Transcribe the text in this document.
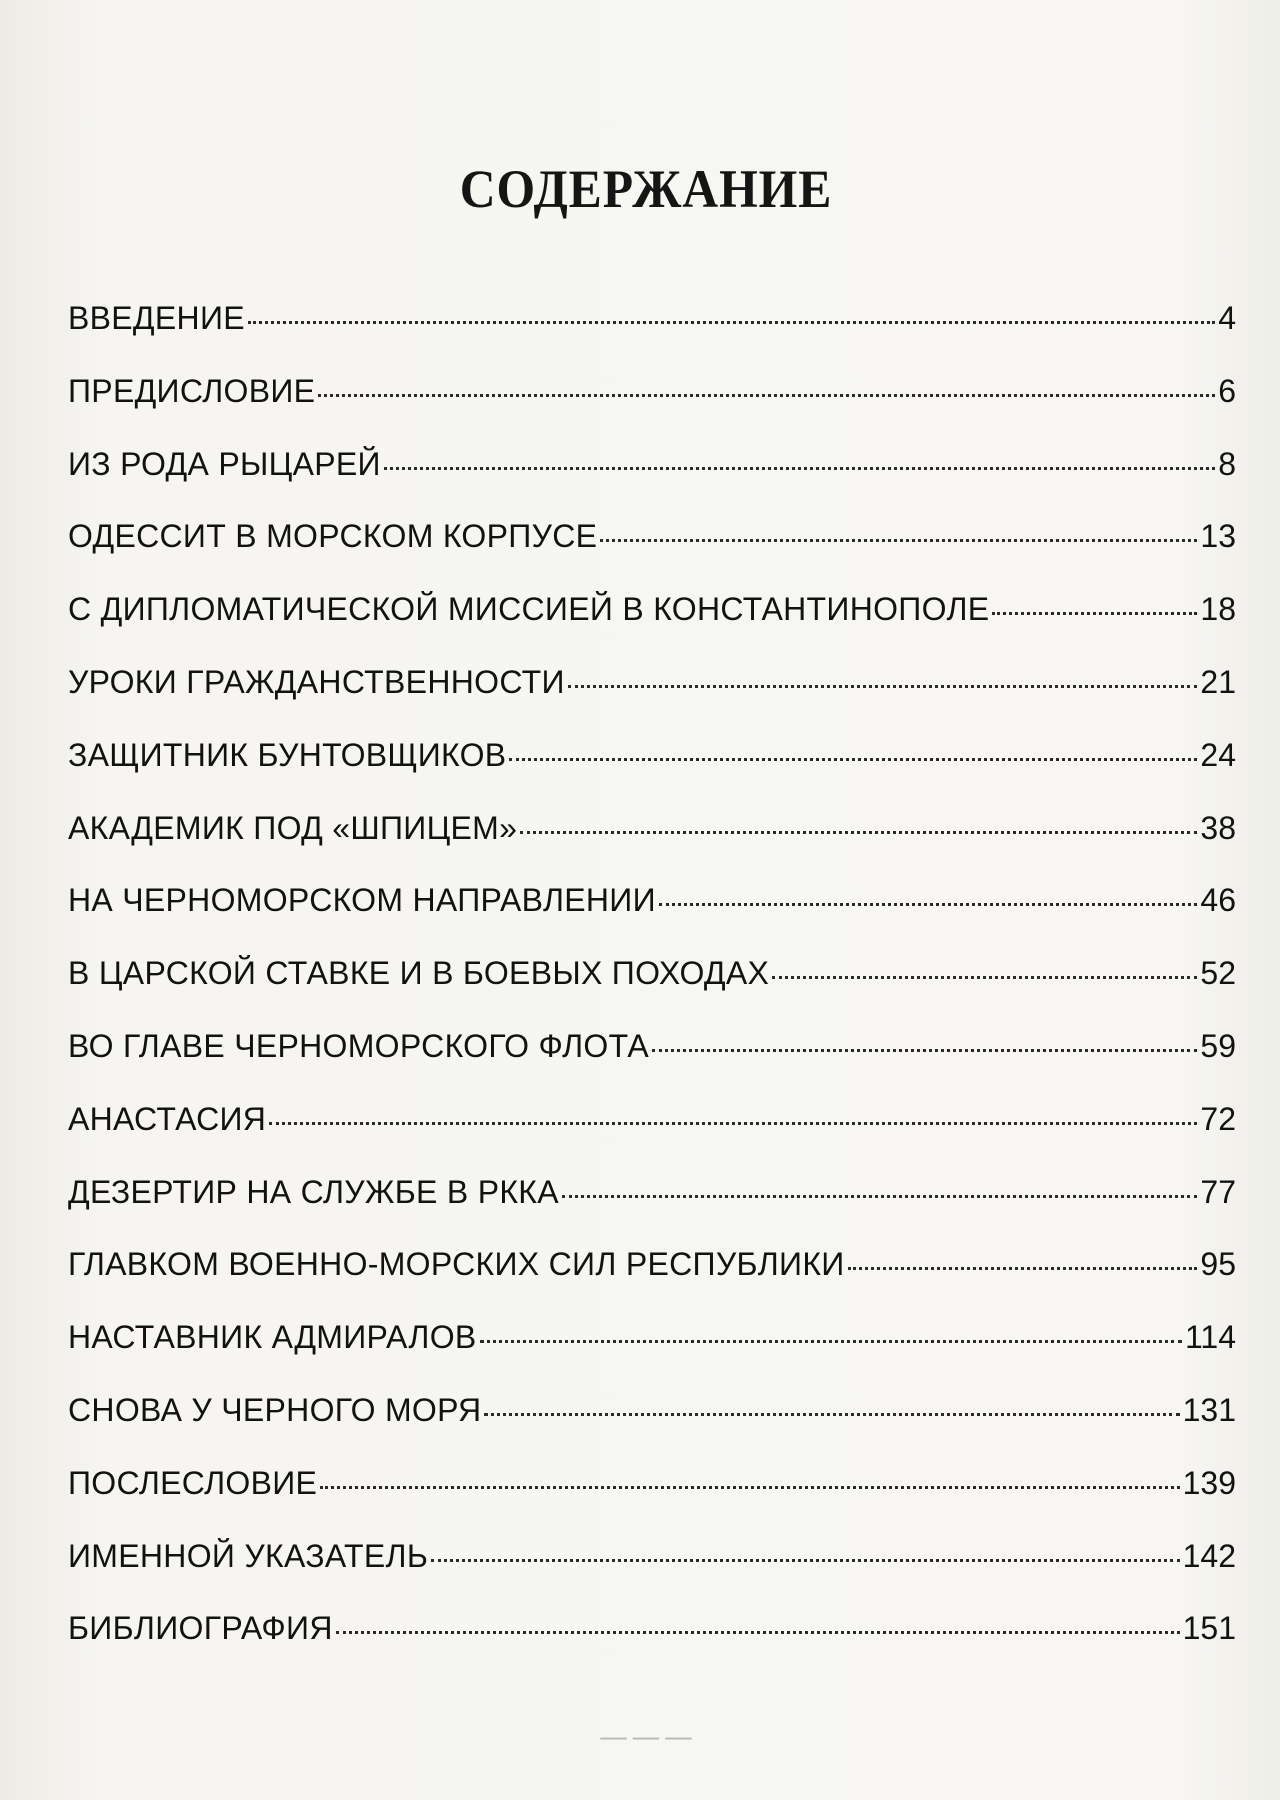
СОДЕРЖАНИЕ
ВВЕДЕНИЕ	4
ПРЕДИСЛОВИЕ	6
ИЗ РОДА РЫЦАРЕЙ	8
ОДЕССИТ В МОРСКОМ КОРПУСЕ	13
С ДИПЛОМАТИЧЕСКОЙ МИССИЕЙ В КОНСТАНТИНОПОЛЕ	18
УРОКИ ГРАЖДАНСТВЕННОСТИ	21
ЗАЩИТНИК БУНТОВЩИКОВ	24
АКАДЕМИК ПОД «ШПИЦЕМ»	38
НА ЧЕРНОМОРСКОМ НАПРАВЛЕНИИ	46
В ЦАРСКОЙ СТАВКЕ И В БОЕВЫХ ПОХОДАХ	52
ВО ГЛАВЕ ЧЕРНОМОРСКОГО ФЛОТА	59
АНАСТАСИЯ	72
ДЕЗЕРТИР НА СЛУЖБЕ В РККА	77
ГЛАВКОМ ВОЕННО-МОРСКИХ СИЛ РЕСПУБЛИКИ	95
НАСТАВНИК АДМИРАЛОВ	114
СНОВА У ЧЕРНОГО МОРЯ	131
ПОСЛЕСЛОВИЕ	139
ИМЕННОЙ УКАЗАТЕЛЬ	142
БИБЛИОГРАФИЯ	151
— — —
